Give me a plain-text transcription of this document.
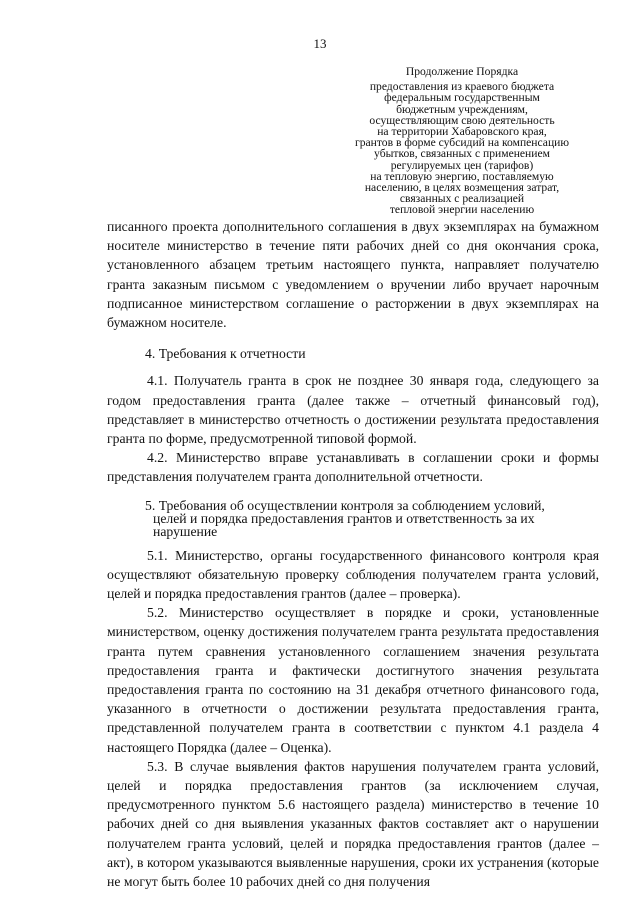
13
Продолжение Порядка
предоставления из краевого бюджета
федеральным государственным
бюджетным учреждениям,
осуществляющим свою деятельность
на территории Хабаровского края,
грантов в форме субсидий на компенсацию
убытков, связанных с применением
регулируемых цен (тарифов)
на тепловую энергию, поставляемую
населению, в целях возмещения затрат,
связанных с реализацией
тепловой энергии населению

писанного проекта дополнительного соглашения в двух экземплярах на бумажном носителе министерство в течение пяти рабочих дней со дня окончания срока, установленного абзацем третьим настоящего пункта, направляет получателю гранта заказным письмом с уведомлением о вручении либо вручает нарочным подписанное министерством соглашение о расторжении в двух экземплярах на бумажном носителе.

4. Требования к отчетности

4.1. Получатель гранта в срок не позднее 30 января года, следующего за годом предоставления гранта (далее также – отчетный финансовый год), представляет в министерство отчетность о достижении результата предоставления гранта по форме, предусмотренной типовой формой.

4.2. Министерство вправе устанавливать в соглашении сроки и формы представления получателем гранта дополнительной отчетности.

5. Требования об осуществлении контроля за соблюдением условий,
целей и порядка предоставления грантов и ответственность за их
нарушение

5.1. Министерство, органы государственного финансового контроля края осуществляют обязательную проверку соблюдения получателем гранта условий, целей и порядка предоставления грантов (далее – проверка).

5.2. Министерство осуществляет в порядке и сроки, установленные министерством, оценку достижения получателем гранта результата предоставления гранта путем сравнения установленного соглашением значения результата предоставления гранта и фактически достигнутого значения результата предоставления гранта по состоянию на 31 декабря отчетного финансового года, указанного в отчетности о достижении результата предоставления гранта, представленной получателем гранта в соответствии с пунктом 4.1 раздела 4 настоящего Порядка (далее – Оценка).

5.3. В случае выявления фактов нарушения получателем гранта условий, целей и порядка предоставления грантов (за исключением случая, предусмотренного пунктом 5.6 настоящего раздела) министерство в течение 10 рабочих дней со дня выявления указанных фактов составляет акт о нарушении получателем гранта условий, целей и порядка предоставления грантов (далее – акт), в котором указываются выявленные нарушения, сроки их устранения (которые не могут быть более 10 рабочих дней со дня получения
